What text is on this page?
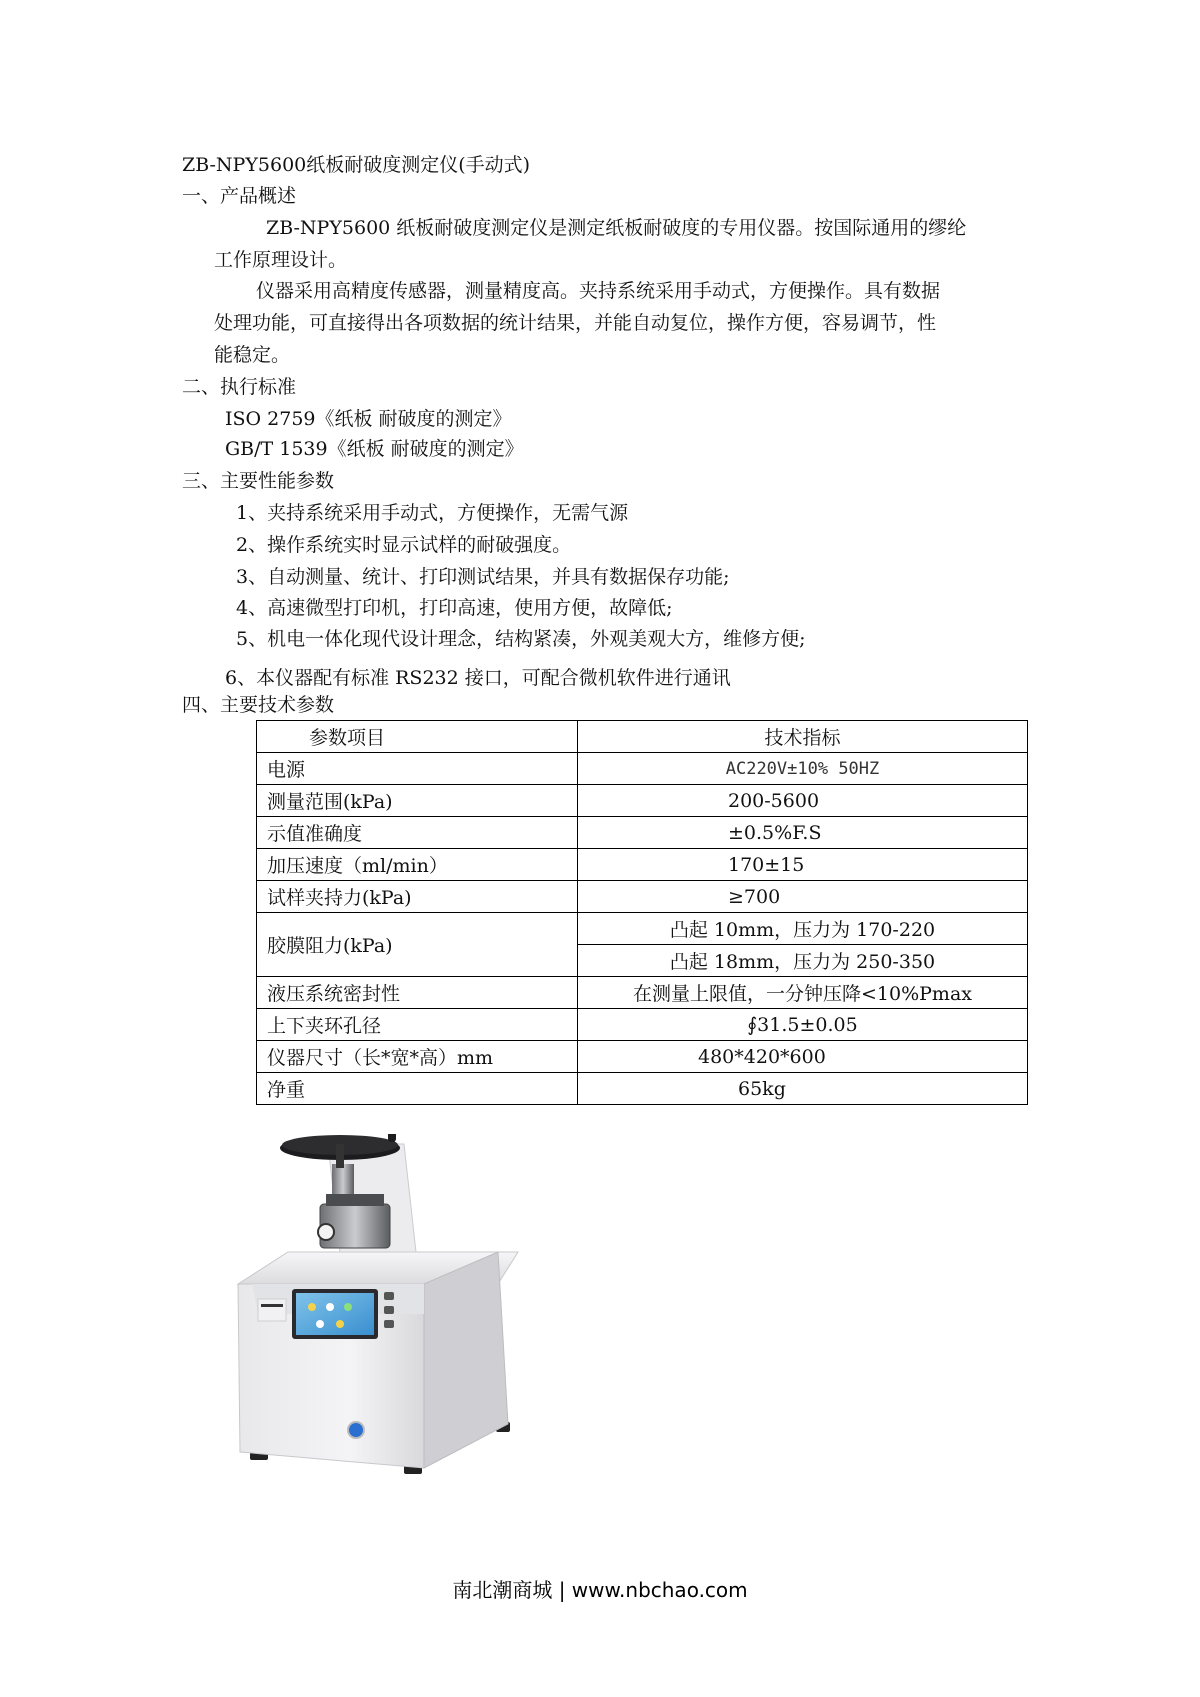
ZB-NPY5600纸板耐破度测定仪(手动式)
一、产品概述
ZB-NPY5600 纸板耐破度测定仪是测定纸板耐破度的专用仪器。按国际通用的缪纶
工作原理设计。
仪器采用高精度传感器，测量精度高。夹持系统采用手动式，方便操作。具有数据
处理功能，可直接得出各项数据的统计结果，并能自动复位，操作方便，容易调节，性
能稳定。
二、执行标准
ISO 2759《纸板 耐破度的测定》
GB/T 1539《纸板 耐破度的测定》
三、主要性能参数
1、夹持系统采用手动式，方便操作，无需气源
2、操作系统实时显示试样的耐破强度。
3、自动测量、统计、打印测试结果，并具有数据保存功能;
4、高速微型打印机，打印高速，使用方便，故障低;
5、机电一体化现代设计理念，结构紧凑，外观美观大方，维修方便;
6、本仪器配有标准 RS232 接口，可配合微机软件进行通讯
四、主要技术参数
参数项目	技术指标
电源	AC220V±10% 50HZ
测量范围(kPa)	200-5600
示值准确度	±0.5%F.S
加压速度（ml/min）	170±15
试样夹持力(kPa)	≥700
胶膜阻力(kPa)	凸起 10mm，压力为 170-220
	凸起 18mm，压力为 250-350
液压系统密封性	在测量上限值，一分钟压降<10%Pmax
上下夹环孔径	∮31.5±0.05
仪器尺寸（长*宽*高）mm	480*420*600
净重	65kg
南北潮商城 | www.nbchao.com
